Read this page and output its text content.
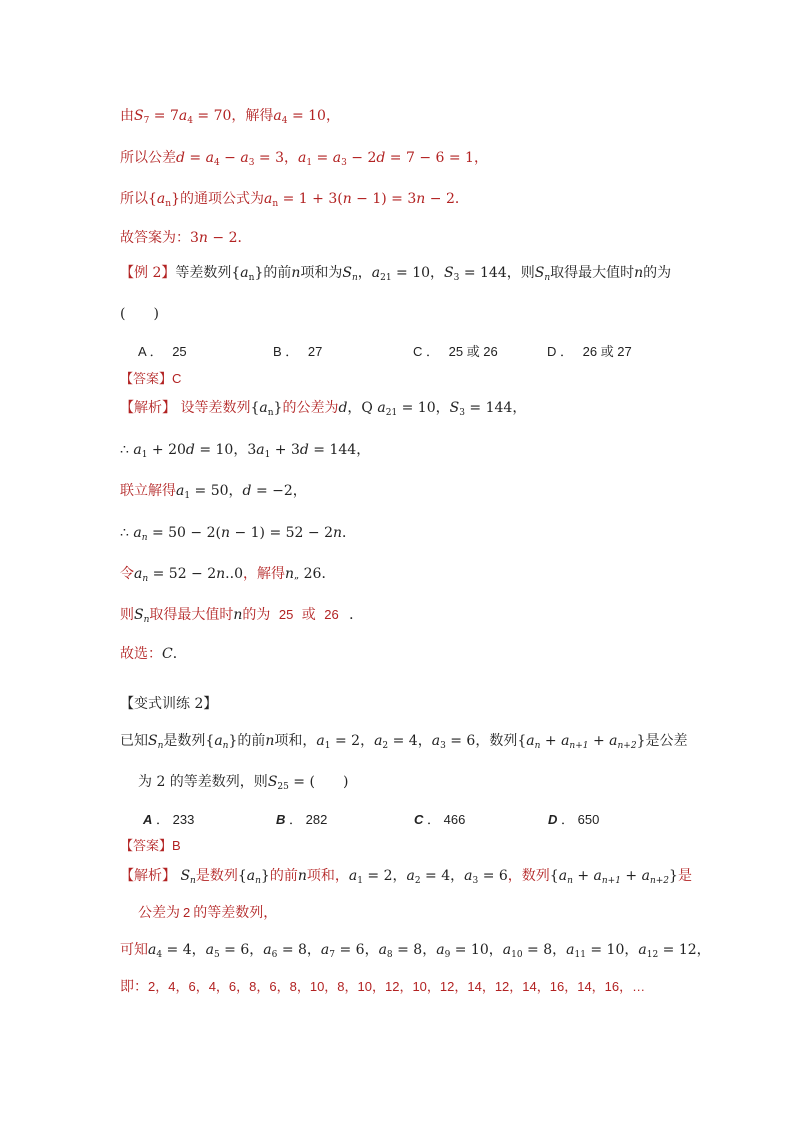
由$S_7 = 7a_4 = 70$，解得$a_4 = 10$，
所以公差$d = a_4 - a_3 = 3$，$a_1 = a_3 - 2d = 7 - 6 = 1$，
所以$\{a_n\}$的通项公式为$a_n = 1 + 3(n - 1) = 3n - 2$．
故答案为：3n − 2．
【例 2】等差数列$\{a_n\}$的前n项和为$S_n$，$a_{21} = 10$，$S_3 = 144$，则$S_n$取得最大值时n的为
(　　)
A ． 25	B ． 27	C ． 25 或 26	D ． 26 或 27
【答案】C
【解析】 设等差数列$\{a_n\}$的公差为d，Q $a_{21} = 10$，$S_3 = 144$，
∴ $a_1 + 20d = 10$，$3a_1 + 3d = 144$，
联立解得$a_1 = 50$，d = −2，
∴ $a_n = 50 - 2(n - 1) = 52 - 2n$．
令$a_n = 52 - 2n..0$，解得n„ 26．
则$S_n$取得最大值时n的为 25 或 26 ．
故选：C．
【变式训练 2】
已知$S_n$是数列$\{a_n\}$的前n项和，$a_1 = 2$，$a_2 = 4$，$a_3 = 6$，数列$\{a_n + a_{n+1} + a_{n+2}\}$是公差
为 2 的等差数列，则$S_{25}$ = (　　)
A ． 233	B ． 282	C ． 466	D ． 650
【答案】B
【解析】 $S_n$是数列$\{a_n\}$的前n项和，$a_1 = 2$，$a_2 = 4$，$a_3 = 6$，数列$\{a_n + a_{n+1} + a_{n+2}\}$是
公差为 2 的等差数列，
可知$a_4 = 4$，$a_5 = 6$，$a_6 = 8$，$a_7 = 6$，$a_8 = 8$，$a_9 = 10$，$a_{10} = 8$，$a_{11} = 10$，$a_{12} = 12$，
即：2，4，6，4，6，8，6，8，10，8，10，12，10，12，14，12，14，16，14，16，…
